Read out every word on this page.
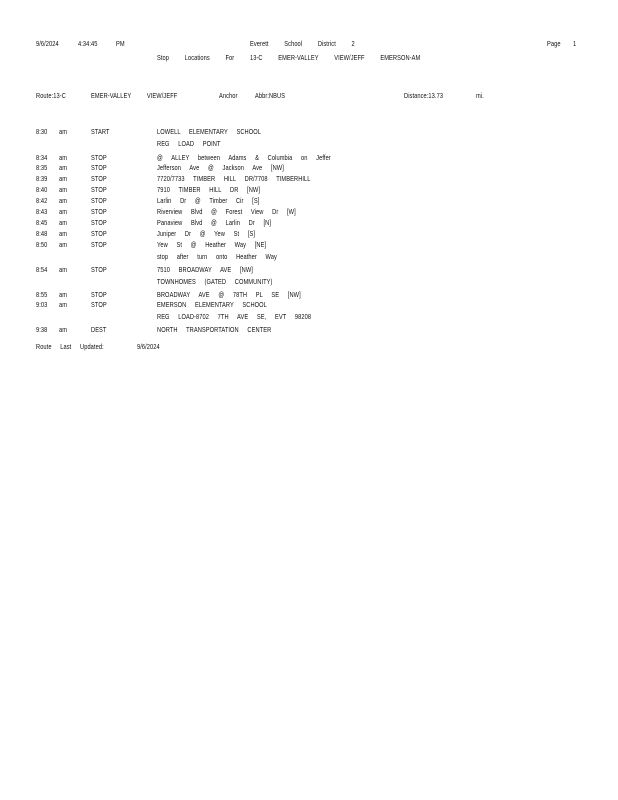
9/6/2024	4:34:45	PM	Everett School District 2	Page 1
Stop Locations For 13-C EMER-VALLEY VIEW/JEFF EMERSON-AM
Route:13-C	EMER-VALLEY VIEW/JEFF	Anchor Abbr:NBUS	Distance:13.73	mi.
8:30 am	START	LOWELL ELEMENTARY SCHOOL
REG LOAD POINT
8:34 am	STOP	@ ALLEY between Adams & Columbia on Jeffer
8:35 am	STOP	Jefferson Ave @ Jackson Ave [NW]
8:39 am	STOP	7720/7733 TIMBER HILL DR/7708 TIMBERHILL
8:40 am	STOP	7910 TIMBER HILL DR [NW]
8:42 am	STOP	Larlin Dr @ Timber Cir [S]
8:43 am	STOP	Riverview Blvd @ Forest View Dr [W]
8:45 am	STOP	Panaview Blvd @ Larlin Dr [N]
8:48 am	STOP	Juniper Dr @ Yew St [S]
8:50 am	STOP	Yew St @ Heather Way [NE]
stop after turn onto Heather Way
8:54 am	STOP	7510 BROADWAY AVE [NW]
TOWNHOMES (GATED COMMUNITY)
8:55 am	STOP	BROADWAY AVE @ 78TH PL SE [NW]
9:03 am	STOP	EMERSON ELEMENTARY SCHOOL
REG LOAD-8702 7TH AVE SE, EVT 98208
9:38 am	DEST	NORTH TRANSPORTATION CENTER
Route Last Updated:	9/6/2024
